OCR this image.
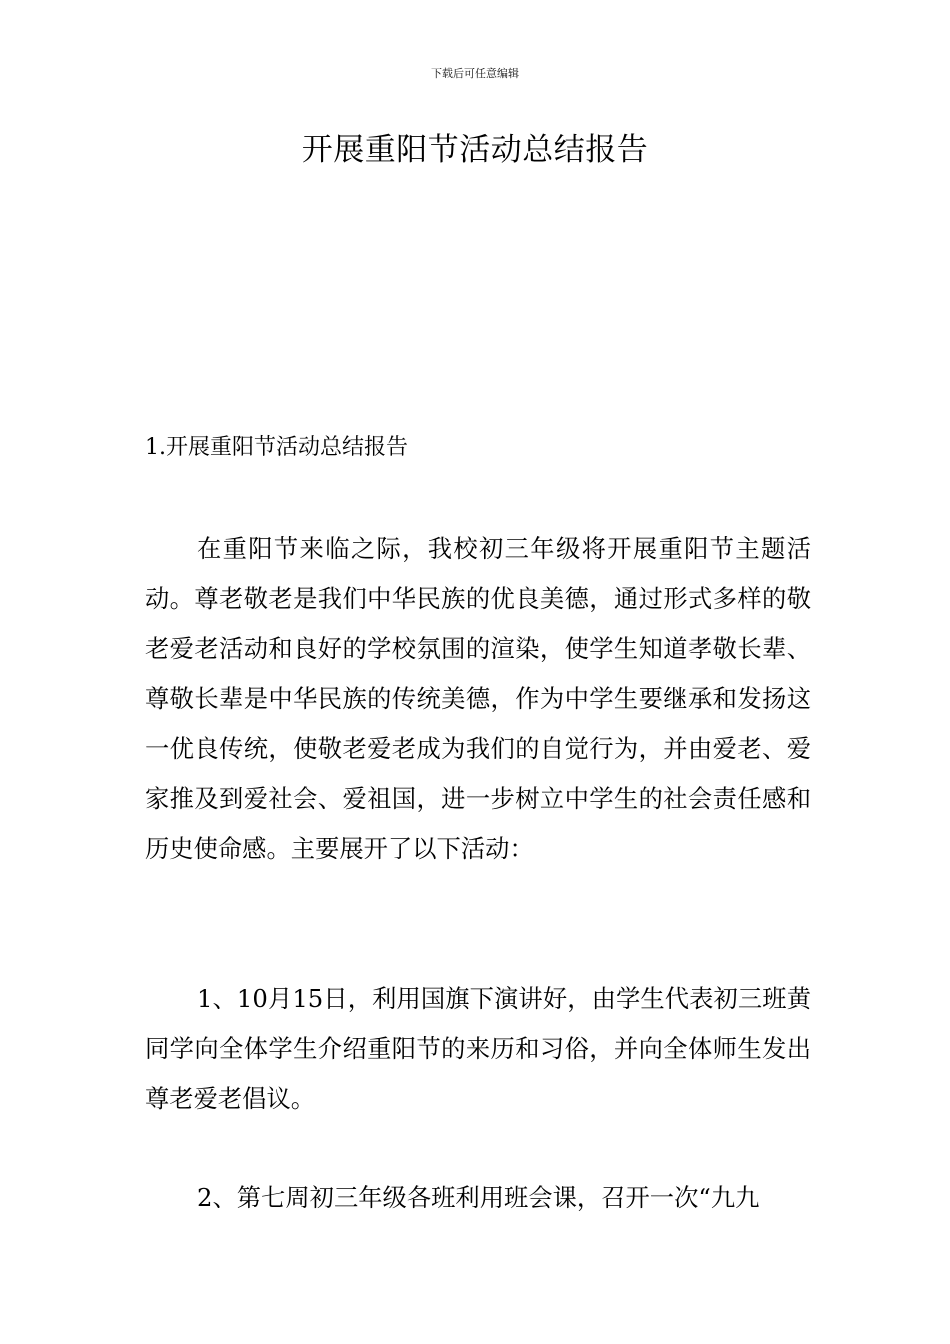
下载后可任意编辑
开展重阳节活动总结报告
1.开展重阳节活动总结报告

在重阳节来临之际，我校初三年级将开展重阳节主题活动。尊老敬老是我们中华民族的优良美德，通过形式多样的敬老爱老活动和良好的学校氛围的渲染，使学生知道孝敬长辈、尊敬长辈是中华民族的传统美德，作为中学生要继承和发扬这一优良传统，使敬老爱老成为我们的自觉行为，并由爱老、爱家推及到爱社会、爱祖国，进一步树立中学生的社会责任感和历史使命感。主要展开了以下活动：

1、10月15日，利用国旗下演讲好，由学生代表初三班黄同学向全体学生介绍重阳节的来历和习俗，并向全体师生发出尊老爱老倡议。

2、第七周初三年级各班利用班会课，召开一次“九九
